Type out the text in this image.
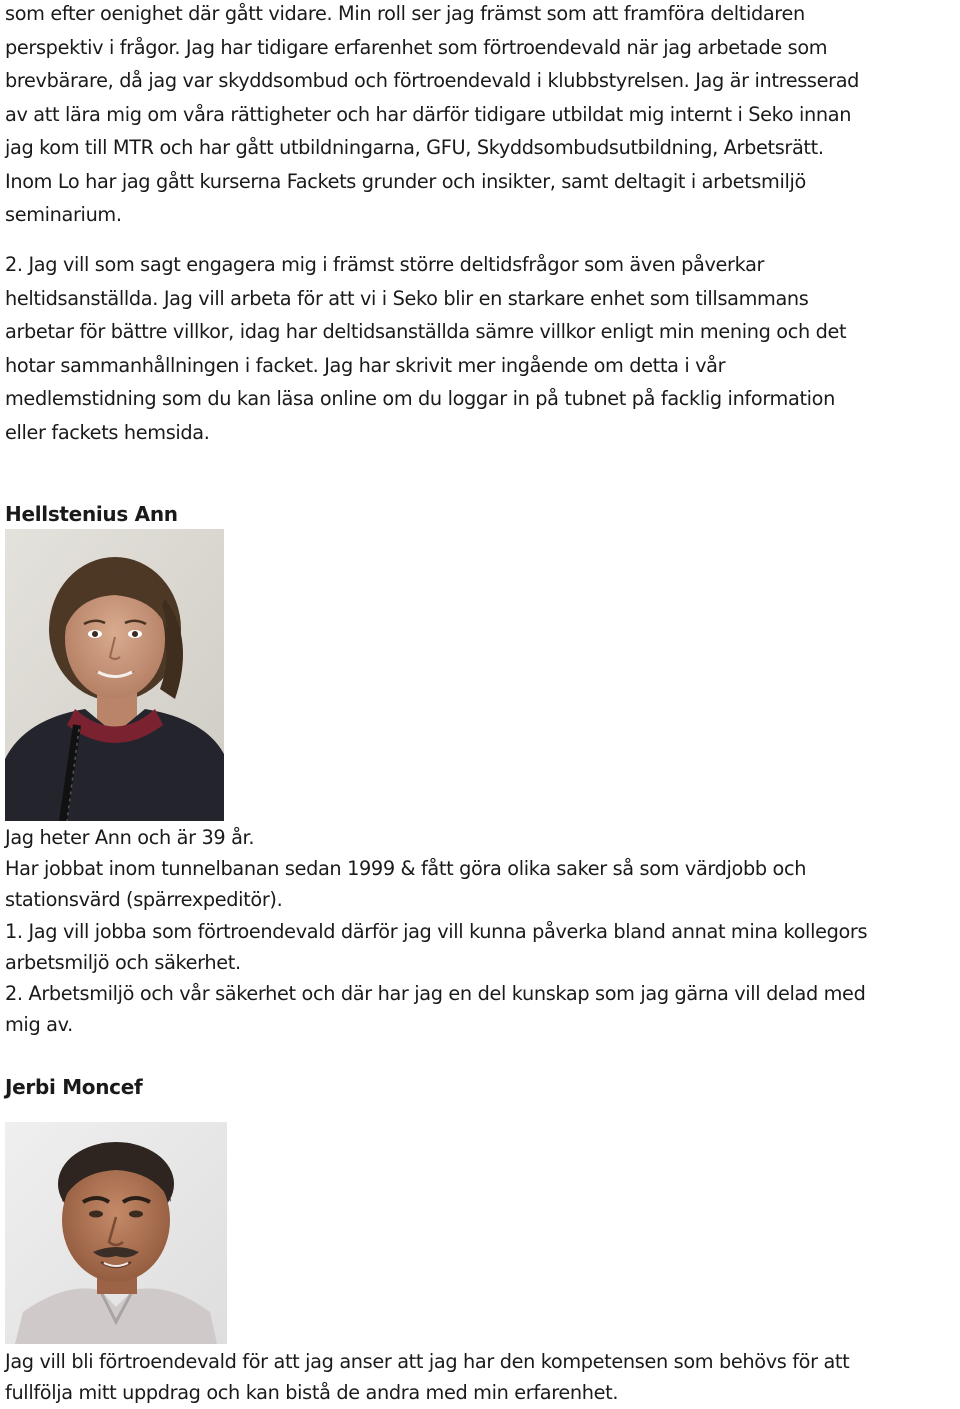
som efter oenighet där gått vidare. Min roll ser jag främst som att framföra deltidaren
perspektiv i frågor. Jag har tidigare erfarenhet som förtroendevald när jag arbetade som
brevbärare, då jag var skyddsombud och förtroendevald i klubbstyrelsen. Jag är intresserad
av att lära mig om våra rättigheter och har därför tidigare utbildat mig internt i Seko innan
jag kom till MTR och har gått utbildningarna, GFU, Skyddsombudsutbildning, Arbetsrätt.
Inom Lo har jag gått kurserna Fackets grunder och insikter, samt deltagit i arbetsmiljö
seminarium.
2. Jag vill som sagt engagera mig i främst större deltidsfrågor som även påverkar
heltidsanställda. Jag vill arbeta för att vi i Seko blir en starkare enhet som tillsammans
arbetar för bättre villkor, idag har deltidsanställda sämre villkor enligt min mening och det
hotar sammanhållningen i facket. Jag har skrivit mer ingående om detta i vår
medlemstidning som du kan läsa online om du loggar in på tubnet på facklig information
eller fackets hemsida.
Hellstenius Ann
Jag heter Ann och är 39 år.
Har jobbat inom tunnelbanan sedan 1999 & fått göra olika saker så som värdjobb och
stationsvärd (spärrexpeditör).
1. Jag vill jobba som förtroendevald därför jag vill kunna påverka bland annat mina kollegors
arbetsmiljö och säkerhet.
2. Arbetsmiljö och vår säkerhet och där har jag en del kunskap som jag gärna vill delad med
mig av.
Jerbi Moncef
Jag vill bli förtroendevald för att jag anser att jag har den kompetensen som behövs för att
fullfölja mitt uppdrag och kan bistå de andra med min erfarenhet.
